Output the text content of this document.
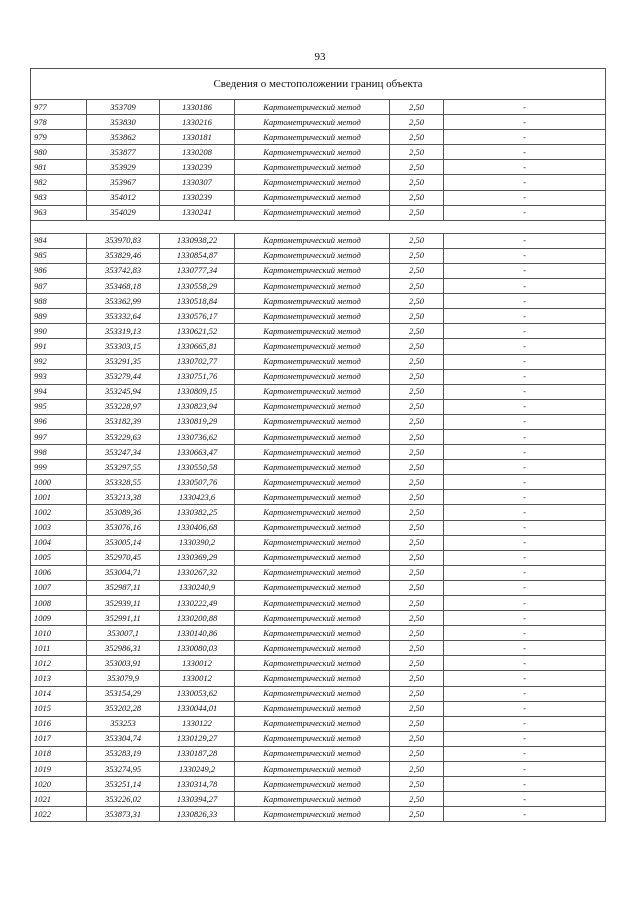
93
Сведения о местоположении границ объекта					
977	353709	1330186	Картометрический метод	2,50	-
978	353830	1330216	Картометрический метод	2,50	-
979	353862	1330181	Картометрический метод	2,50	-
980	353877	1330208	Картометрический метод	2,50	-
981	353929	1330239	Картометрический метод	2,50	-
982	353967	1330307	Картометрический метод	2,50	-
983	354012	1330239	Картометрический метод	2,50	-
963	354029	1330241	Картометрический метод	2,50	-

984	353970,83	1330938,22	Картометрический метод	2,50	-
985	353829,46	1330854,87	Картометрический метод	2,50	-
986	353742,83	1330777,34	Картометрический метод	2,50	-
987	353468,18	1330558,29	Картометрический метод	2,50	-
988	353362,99	1330518,84	Картометрический метод	2,50	-
989	353332,64	1330576,17	Картометрический метод	2,50	-
990	353319,13	1330621,52	Картометрический метод	2,50	-
991	353303,15	1330665,81	Картометрический метод	2,50	-
992	353291,35	1330702,77	Картометрический метод	2,50	-
993	353279,44	1330751,76	Картометрический метод	2,50	-
994	353245,94	1330809,15	Картометрический метод	2,50	-
995	353228,97	1330823,94	Картометрический метод	2,50	-
996	353182,39	1330819,29	Картометрический метод	2,50	-
997	353229,63	1330736,62	Картометрический метод	2,50	-
998	353247,34	1330663,47	Картометрический метод	2,50	-
999	353297,55	1330550,58	Картометрический метод	2,50	-
1000	353328,55	1330507,76	Картометрический метод	2,50	-
1001	353213,38	1330423,6	Картометрический метод	2,50	-
1002	353089,36	1330382,25	Картометрический метод	2,50	-
1003	353076,16	1330406,68	Картометрический метод	2,50	-
1004	353005,14	1330390,2	Картометрический метод	2,50	-
1005	352970,45	1330369,29	Картометрический метод	2,50	-
1006	353004,71	1330267,32	Картометрический метод	2,50	-
1007	352987,11	1330240,9	Картометрический метод	2,50	-
1008	352939,11	1330222,49	Картометрический метод	2,50	-
1009	352991,11	1330200,88	Картометрический метод	2,50	-
1010	353007,1	1330140,86	Картометрический метод	2,50	-
1011	352986,31	1330080,03	Картометрический метод	2,50	-
1012	353003,91	1330012	Картометрический метод	2,50	-
1013	353079,9	1330012	Картометрический метод	2,50	-
1014	353154,29	1330053,62	Картометрический метод	2,50	-
1015	353202,28	1330044,01	Картометрический метод	2,50	-
1016	353253	1330122	Картометрический метод	2,50	-
1017	353304,74	1330129,27	Картометрический метод	2,50	-
1018	353283,19	1330187,28	Картометрический метод	2,50	-
1019	353274,95	1330249,2	Картометрический метод	2,50	-
1020	353251,14	1330314,78	Картометрический метод	2,50	-
1021	353226,02	1330394,27	Картометрический метод	2,50	-
1022	353873,31	1330826,33	Картометрический метод	2,50	-
